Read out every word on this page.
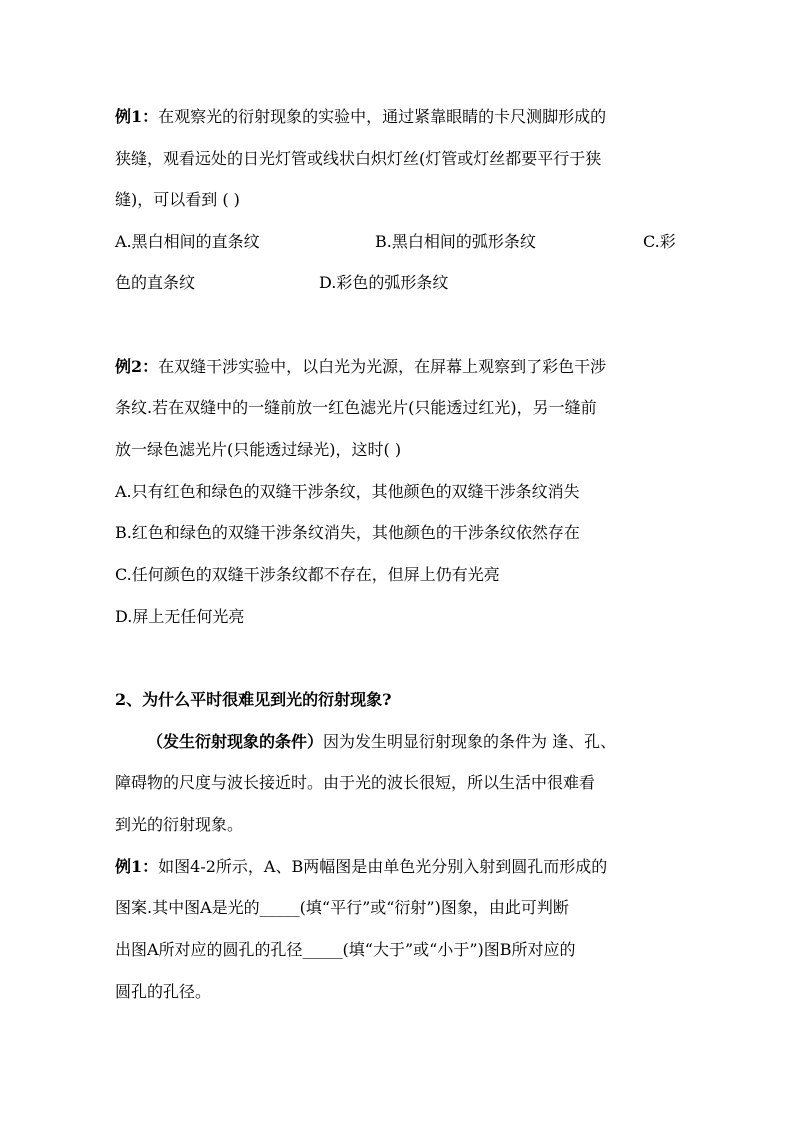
例1：在观察光的衍射现象的实验中，通过紧靠眼睛的卡尺测脚形成的
狭缝，观看远处的日光灯管或线状白炽灯丝(灯管或灯丝都要平行于狭
缝)，可以看到 ( )
A.黑白相间的直条纹	B.黑白相间的弧形条纹	C.彩
色的直条纹	D.彩色的弧形条纹
例2：在双缝干涉实验中，以白光为光源，在屏幕上观察到了彩色干涉
条纹.若在双缝中的一缝前放一红色滤光片(只能透过红光)，另一缝前
放一绿色滤光片(只能透过绿光)，这时( )
A.只有红色和绿色的双缝干涉条纹，其他颜色的双缝干涉条纹消失
B.红色和绿色的双缝干涉条纹消失，其他颜色的干涉条纹依然存在
C.任何颜色的双缝干涉条纹都不存在，但屏上仍有光亮
D.屏上无任何光亮
2、为什么平时很难见到光的衍射现象?
（发生衍射现象的条件）因为发生明显衍射现象的条件为 逢、孔、
障碍物的尺度与波长接近时。由于光的波长很短，所以生活中很难看
到光的衍射现象。
例1：如图4-2所示，A、B两幅图是由单色光分别入射到圆孔而形成的
图案.其中图A是光的_____(填“平行”或“衍射”)图象，由此可判断
出图A所对应的圆孔的孔径_____(填“大于”或“小于”)图B所对应的
圆孔的孔径。
